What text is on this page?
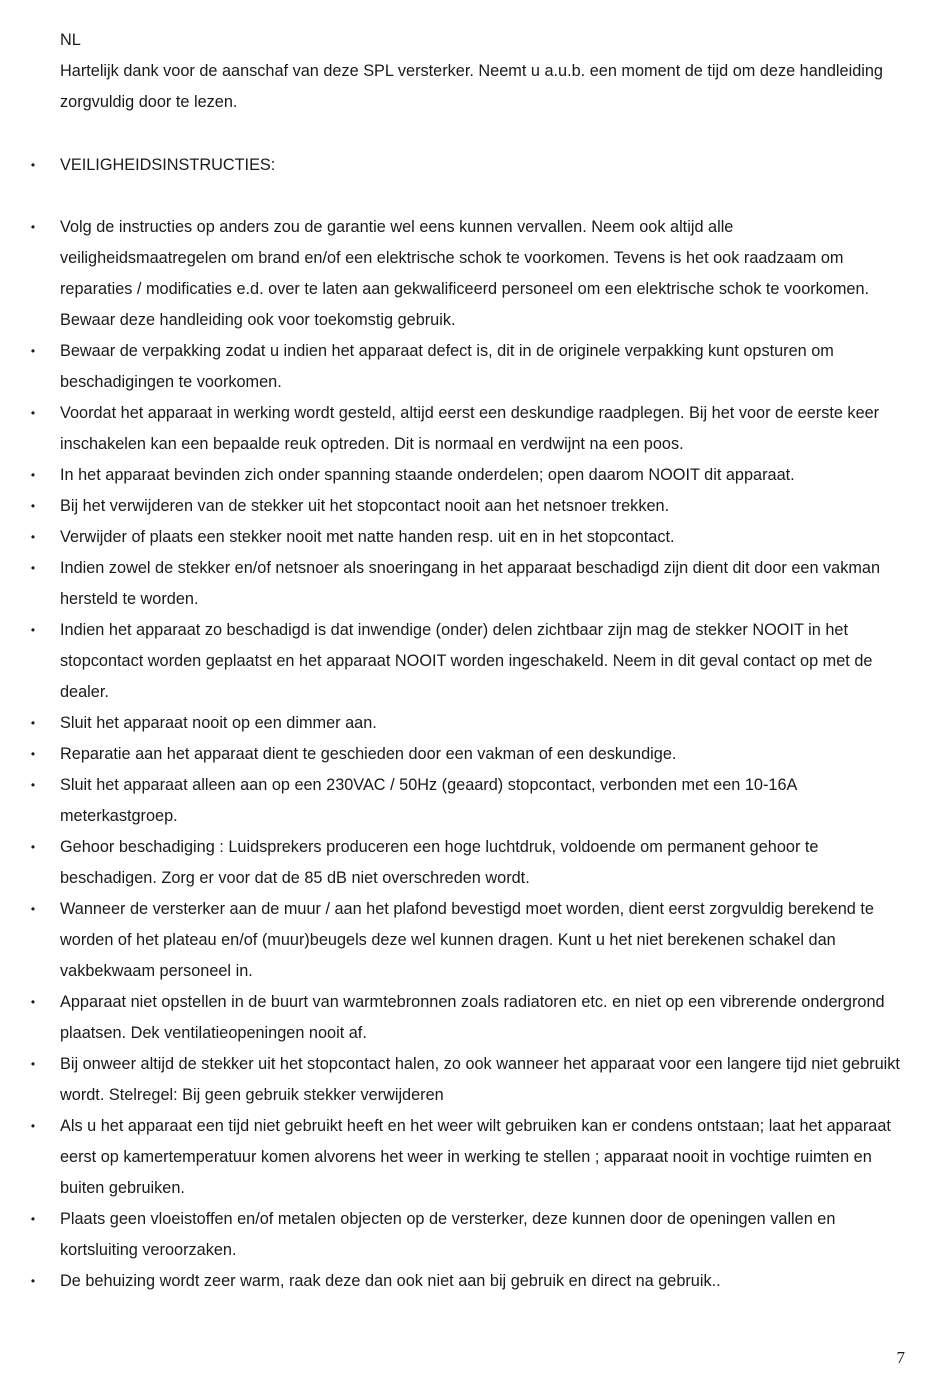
NL
Hartelijk dank voor de aanschaf van deze SPL versterker. Neemt u a.u.b. een moment de tijd om deze handleiding zorgvuldig door te lezen.
• VEILIGHEIDSINSTRUCTIES:
• Volg de instructies op anders zou de garantie wel eens kunnen vervallen. Neem ook altijd alle veiligheidsmaatregelen om brand en/of een elektrische schok te voorkomen. Tevens is het ook raadzaam om reparaties / modificaties e.d. over te laten aan gekwalificeerd personeel om een elektrische schok te voorkomen. Bewaar deze handleiding ook voor toekomstig gebruik.
• Bewaar de verpakking zodat u indien het apparaat defect is, dit in de originele verpakking kunt opsturen om beschadigingen te voorkomen.
• Voordat het apparaat in werking wordt gesteld, altijd eerst een deskundige raadplegen. Bij het voor de eerste keer inschakelen kan een bepaalde reuk optreden. Dit is normaal en verdwijnt na een poos.
• In het apparaat bevinden zich onder spanning staande onderdelen; open daarom NOOIT dit apparaat.
• Bij het verwijderen van de stekker uit het stopcontact nooit aan het netsnoer trekken.
• Verwijder of plaats een stekker nooit met natte handen resp. uit en in het stopcontact.
• Indien zowel de stekker en/of netsnoer als snoeringang in het apparaat beschadigd zijn dient dit door een vakman hersteld te worden.
• Indien het apparaat zo beschadigd is dat inwendige (onder) delen zichtbaar zijn mag de stekker NOOIT in het stopcontact worden geplaatst en het apparaat NOOIT worden ingeschakeld. Neem in dit geval contact op met de dealer.
• Sluit het apparaat nooit op een dimmer aan.
• Reparatie aan het apparaat dient te geschieden door een vakman of een deskundige.
• Sluit het apparaat alleen aan op een 230VAC / 50Hz (geaard) stopcontact, verbonden met een 10-16A meterkastgroep.
• Gehoor beschadiging : Luidsprekers produceren een hoge luchtdruk, voldoende om permanent gehoor te beschadigen. Zorg er voor dat de 85 dB niet overschreden wordt.
• Wanneer de versterker aan de muur / aan het plafond bevestigd moet worden, dient eerst zorgvuldig berekend te worden of het plateau en/of (muur)beugels deze wel kunnen dragen. Kunt u het niet berekenen schakel dan vakbekwaam personeel in.
• Apparaat niet opstellen in de buurt van warmtebronnen zoals radiatoren etc. en niet op een vibrerende ondergrond plaatsen. Dek ventilatieopeningen nooit af.
• Bij onweer altijd de stekker uit het stopcontact halen, zo ook wanneer het apparaat voor een langere tijd niet gebruikt wordt. Stelregel: Bij geen gebruik stekker verwijderen
• Als u het apparaat een tijd niet gebruikt heeft en het weer wilt gebruiken kan er condens ontstaan; laat het apparaat eerst op kamertemperatuur komen alvorens het weer in werking te stellen ; apparaat nooit in vochtige ruimten en buiten gebruiken.
• Plaats geen vloeistoffen en/of metalen objecten op de versterker, deze kunnen door de openingen vallen en kortsluiting veroorzaken.
• De behuizing wordt zeer warm, raak deze dan ook niet aan bij gebruik en direct na gebruik..
7
